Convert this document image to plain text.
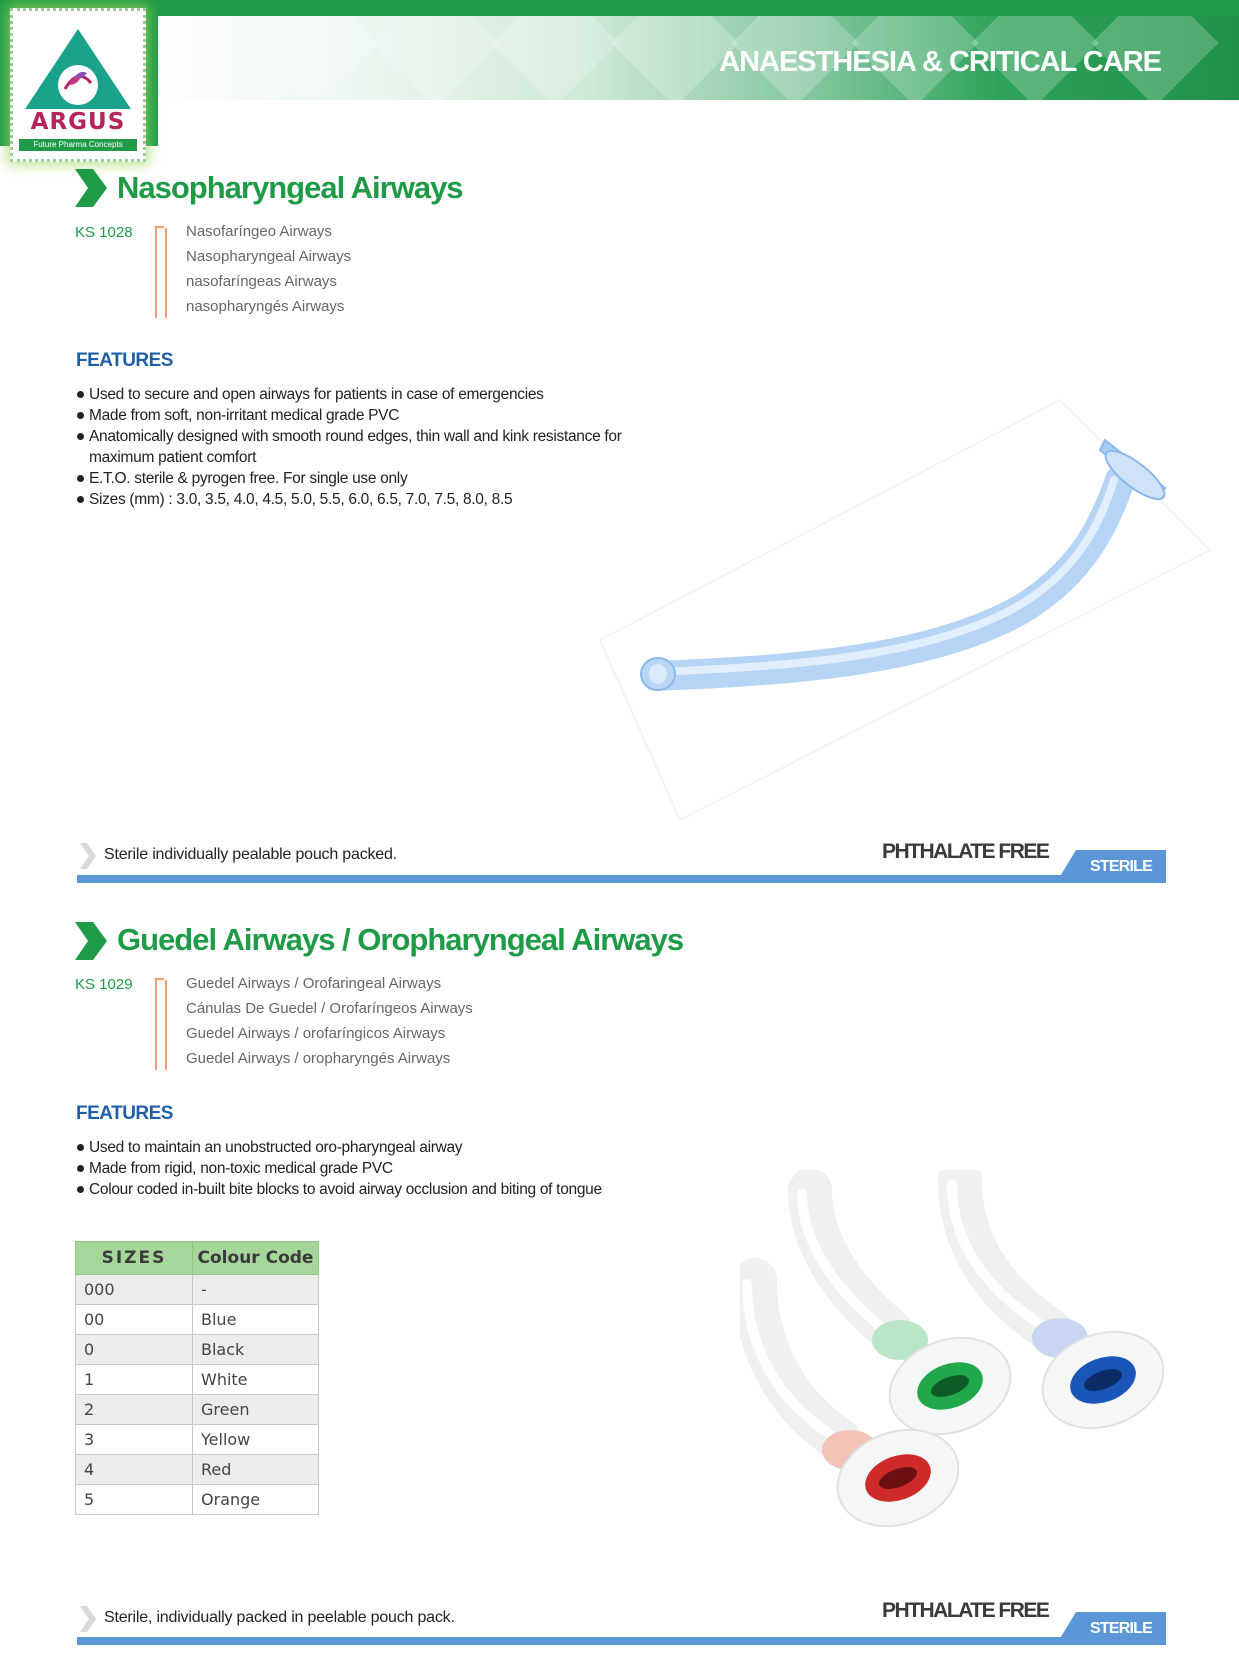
ANAESTHESIA & CRITICAL CARE
ARGUS
Future Pharma Concepts
Nasopharyngeal Airways
KS 1028	Nasofaríngeo Airways
Nasopharyngeal Airways
nasofaríngeas Airways
nasopharyngés Airways
FEATURES
Used to secure and open airways for patients in case of emergencies
Made from soft, non-irritant medical grade PVC
Anatomically designed with smooth round edges, thin wall and kink resistance for maximum patient comfort
E.T.O. sterile & pyrogen free. For single use only
Sizes (mm) : 3.0, 3.5, 4.0, 4.5, 5.0, 5.5, 6.0, 6.5, 7.0, 7.5, 8.0, 8.5
Sterile individually pealable pouch packed.	PHTHALATE FREE
STERILE
Guedel Airways / Oropharyngeal Airways
KS 1029	Guedel Airways / Orofaringeal Airways
Cánulas De Guedel / Orofaríngeos Airways
Guedel Airways / orofaríngicos Airways
Guedel Airways / oropharyngés Airways
FEATURES
Used to maintain an unobstructed oro-pharyngeal airway
Made from rigid, non-toxic medical grade PVC
Colour coded in-built bite blocks to avoid airway occlusion and biting of tongue
SIZES	Colour Code
000	-
00	Blue
0	Black
1	White
2	Green
3	Yellow
4	Red
5	Orange
Sterile, individually packed in peelable pouch pack.	PHTHALATE FREE
STERILE
